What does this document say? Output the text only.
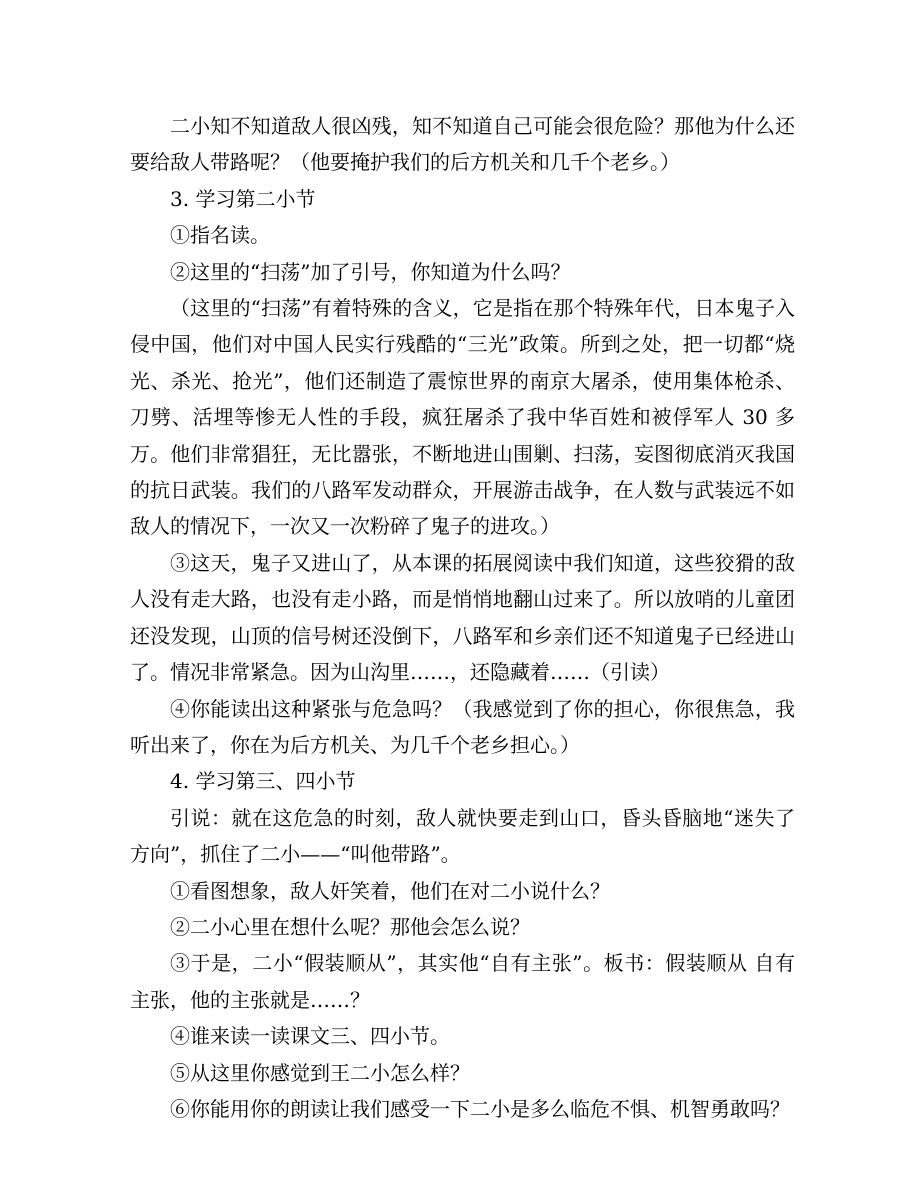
二小知不知道敌人很凶残，知不知道自己可能会很危险？那他为什么还要给敌人带路呢？（他要掩护我们的后方机关和几千个老乡。）

3. 学习第二小节

①指名读。

②这里的“扫荡”加了引号，你知道为什么吗？

（这里的“扫荡”有着特殊的含义，它是指在那个特殊年代，日本鬼子入侵中国，他们对中国人民实行残酷的“三光”政策。所到之处，把一切都“烧光、杀光、抢光”，他们还制造了震惊世界的南京大屠杀，使用集体枪杀、刀劈、活埋等惨无人性的手段，疯狂屠杀了我中华百姓和被俘军人 30 多万。他们非常猖狂，无比嚣张，不断地进山围剿、扫荡，妄图彻底消灭我国的抗日武装。我们的八路军发动群众，开展游击战争，在人数与武装远不如敌人的情况下，一次又一次粉碎了鬼子的进攻。）

③这天，鬼子又进山了，从本课的拓展阅读中我们知道，这些狡猾的敌人没有走大路，也没有走小路，而是悄悄地翻山过来了。所以放哨的儿童团还没发现，山顶的信号树还没倒下，八路军和乡亲们还不知道鬼子已经进山了。情况非常紧急。因为山沟里……，还隐藏着……（引读）

④你能读出这种紧张与危急吗？（我感觉到了你的担心，你很焦急，我听出来了，你在为后方机关、为几千个老乡担心。）

4. 学习第三、四小节

引说：就在这危急的时刻，敌人就快要走到山口，昏头昏脑地“迷失了方向”，抓住了二小——“叫他带路”。

①看图想象，敌人奸笑着，他们在对二小说什么？

②二小心里在想什么呢？那他会怎么说？

③于是，二小“假装顺从”，其实他“自有主张”。板书：假装顺从 自有主张，他的主张就是……？

④谁来读一读课文三、四小节。

⑤从这里你感觉到王二小怎么样？

⑥你能用你的朗读让我们感受一下二小是多么临危不惧、机智勇敢吗？
